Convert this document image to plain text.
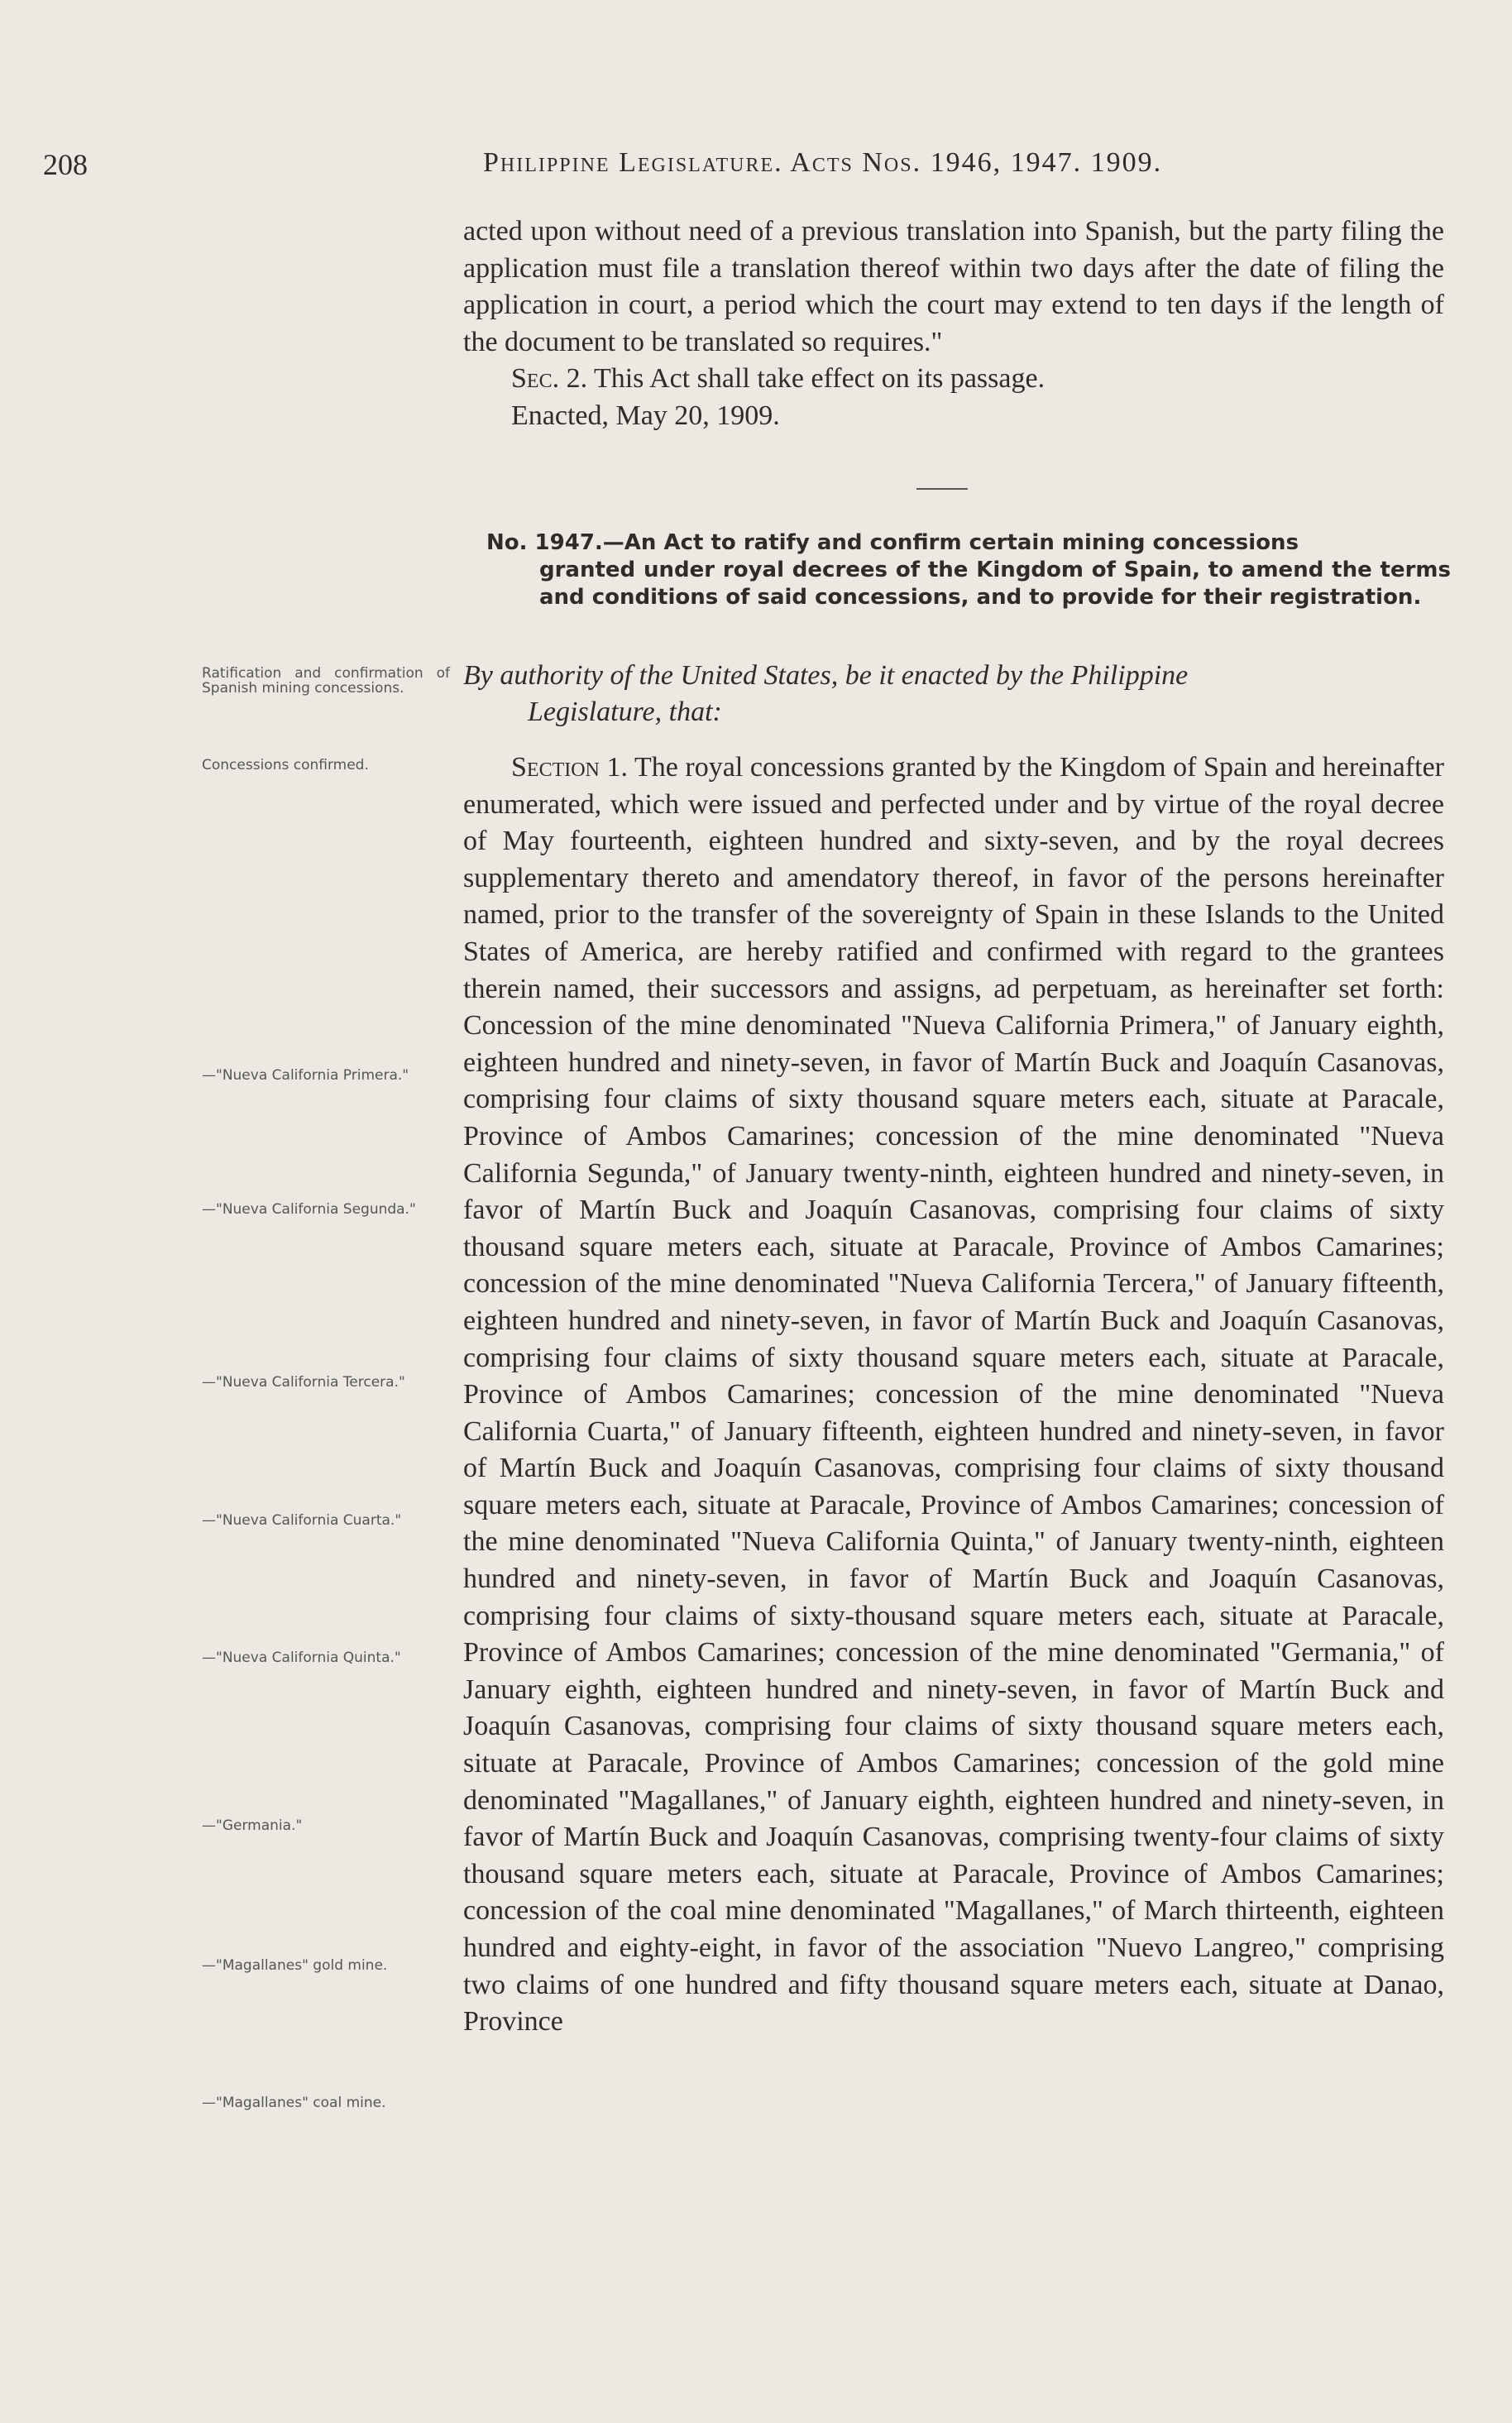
208	Philippine Legislature. Acts Nos. 1946, 1947. 1909.

acted upon without need of a previous translation into Spanish, but the party filing the application must file a translation thereof within two days after the date of filing the application in court, a period which the court may extend to ten days if the length of the document to be translated so requires."

Sec. 2. This Act shall take effect on its passage.

Enacted, May 20, 1909.

No. 1947.—An Act to ratify and confirm certain mining concessions
granted under royal decrees of the Kingdom of Spain, to amend the terms and conditions of said concessions, and to provide for their registration.
By authority of the United States, be it enacted by the Philippine
Legislature, that:

Section 1. The royal concessions granted by the Kingdom of Spain and hereinafter enumerated, which were issued and perfected under and by virtue of the royal decree of May fourteenth, eighteen hundred and sixty-seven, and by the royal decrees supplementary thereto and amendatory thereof, in favor of the persons hereinafter named, prior to the transfer of the sovereignty of Spain in these Islands to the United States of America, are hereby ratified and confirmed with regard to the grantees therein named, their successors and assigns, ad perpetuam, as hereinafter set forth: Concession of the mine denominated "Nueva California Primera," of January eighth, eighteen hundred and ninety-seven, in favor of Martín Buck and Joaquín Casanovas, comprising four claims of sixty thousand square meters each, situate at Paracale, Province of Ambos Camarines; concession of the mine denominated "Nueva California Segunda," of January twenty-ninth, eighteen hundred and ninety-seven, in favor of Martín Buck and Joaquín Casanovas, comprising four claims of sixty thousand square meters each, situate at Paracale, Province of Ambos Camarines; concession of the mine denominated "Nueva California Tercera," of January fifteenth, eighteen hundred and ninety-seven, in favor of Martín Buck and Joaquín Casanovas, comprising four claims of sixty thousand square meters each, situate at Paracale, Province of Ambos Camarines; concession of the mine denominated "Nueva California Cuarta," of January fifteenth, eighteen hundred and ninety-seven, in favor of Martín Buck and Joaquín Casanovas, comprising four claims of sixty thousand square meters each, situate at Paracale, Province of Ambos Camarines; concession of the mine denominated "Nueva California Quinta," of January twenty-ninth, eighteen hundred and ninety-seven, in favor of Martín Buck and Joaquín Casanovas, comprising four claims of sixty-thousand square meters each, situate at Paracale, Province of Ambos Camarines; concession of the mine denominated "Germania," of January eighth, eighteen hundred and ninety-seven, in favor of Martín Buck and Joaquín Casanovas, comprising four claims of sixty thousand square meters each, situate at Paracale, Province of Ambos Camarines; concession of the gold mine denominated "Magallanes," of January eighth, eighteen hundred and ninety-seven, in favor of Martín Buck and Joaquín Casanovas, comprising twenty-four claims of sixty thousand square meters each, situate at Paracale, Province of Ambos Camarines; concession of the coal mine denominated "Magallanes," of March thirteenth, eighteen hundred and eighty-eight, in favor of the association "Nuevo Langreo," comprising two claims of one hundred and fifty thousand square meters each, situate at Danao, Province

Ratification and confirmation of Spanish mining concessions.
Concessions confirmed.
—"Nueva California Primera."
—"Nueva California Segunda."
—"Nueva California Tercera."
—"Nueva California Cuarta."
—"Nueva California Quinta."
—"Germania."
—"Magallanes" gold mine.
—"Magallanes" coal mine.
